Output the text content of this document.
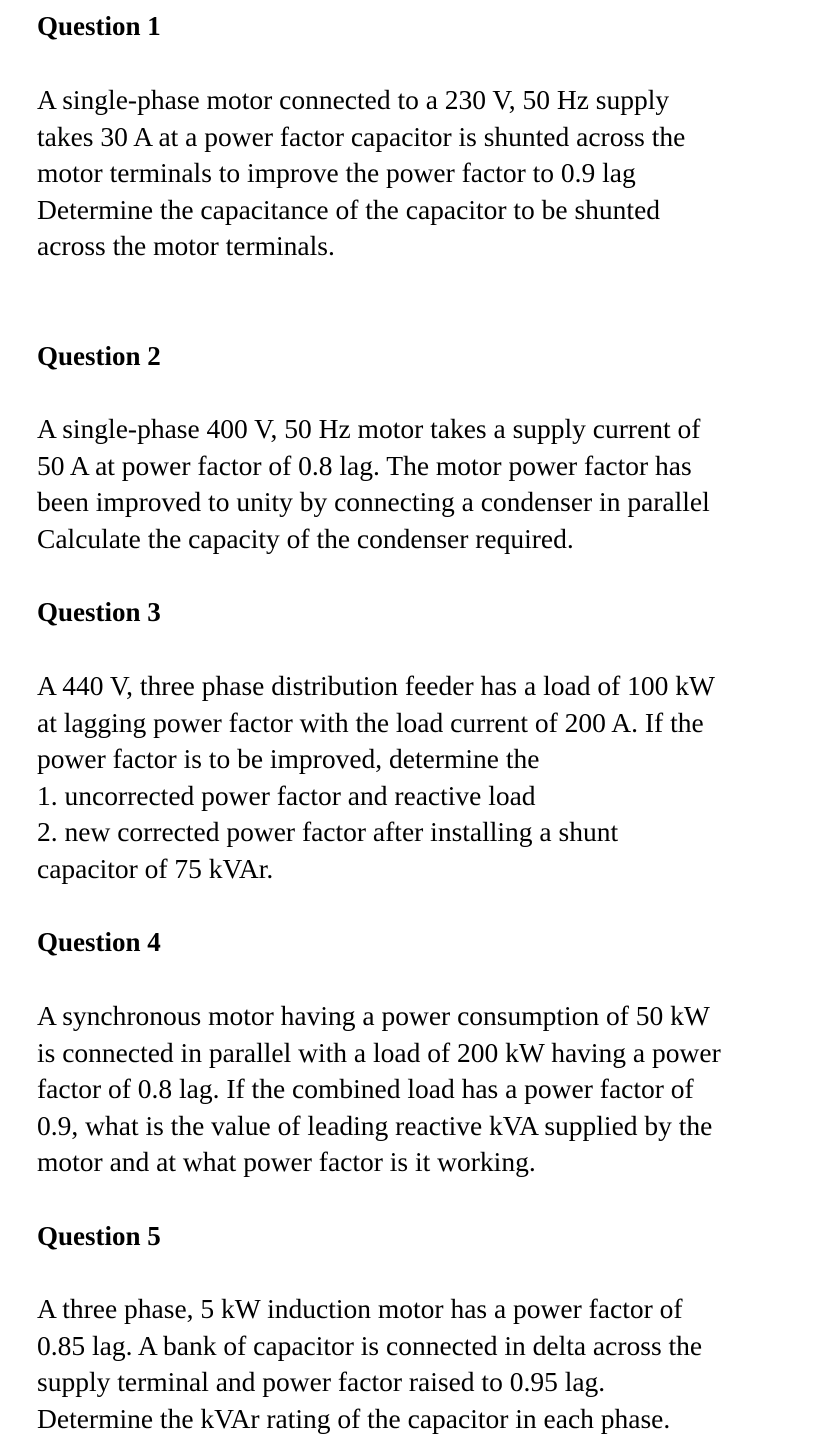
Question 1

A single-phase motor connected to a 230 V, 50 Hz supply
takes 30 A at a power factor capacitor is shunted across the
motor terminals to improve the power factor to 0.9 lag
Determine the capacitance of the capacitor to be shunted
across the motor terminals.

Question 2

A single-phase 400 V, 50 Hz motor takes a supply current of
50 A at power factor of 0.8 lag. The motor power factor has
been improved to unity by connecting a condenser in parallel
Calculate the capacity of the condenser required.

Question 3

A 440 V, three phase distribution feeder has a load of 100 kW
at lagging power factor with the load current of 200 A. If the
power factor is to be improved, determine the
1. uncorrected power factor and reactive load
2. new corrected power factor after installing a shunt
capacitor of 75 kVAr.

Question 4

A synchronous motor having a power consumption of 50 kW
is connected in parallel with a load of 200 kW having a power
factor of 0.8 lag. If the combined load has a power factor of
0.9, what is the value of leading reactive kVA supplied by the
motor and at what power factor is it working.

Question 5

A three phase, 5 kW induction motor has a power factor of
0.85 lag. A bank of capacitor is connected in delta across the
supply terminal and power factor raised to 0.95 lag.
Determine the kVAr rating of the capacitor in each phase.
